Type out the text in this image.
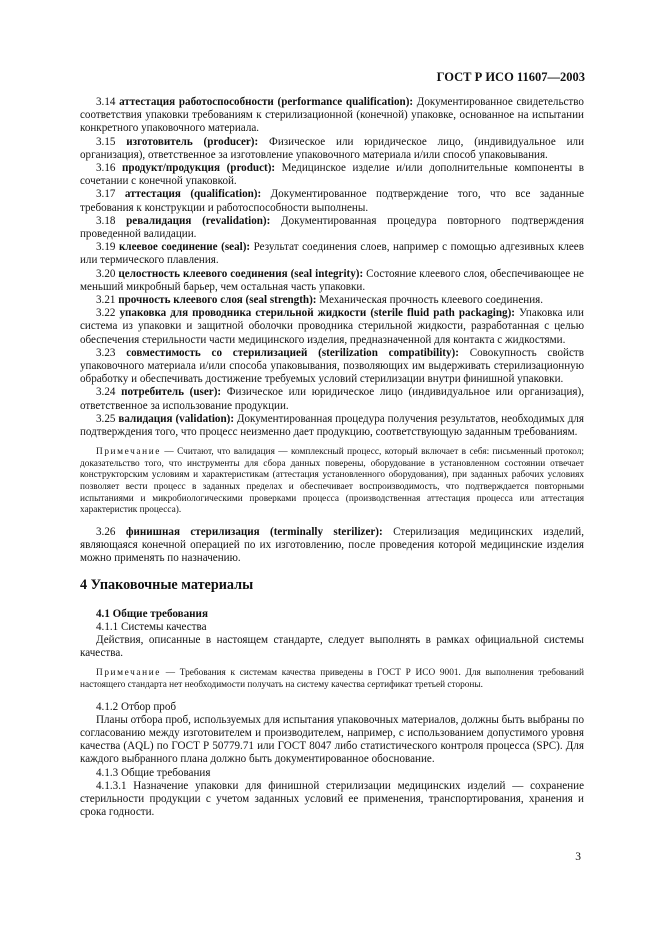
ГОСТ Р ИСО 11607—2003

3.14 аттестация работоспособности (performance qualification): Документированное свидетельство соответствия упаковки требованиям к стерилизационной (конечной) упаковке, основанное на испытании конкретного упаковочного материала.

3.15 изготовитель (producer): Физическое или юридическое лицо, (индивидуальное или организация), ответственное за изготовление упаковочного материала и/или способ упаковывания.

3.16 продукт/продукция (product): Медицинское изделие и/или дополнительные компоненты в сочетании с конечной упаковкой.

3.17 аттестация (qualification): Документированное подтверждение того, что все заданные требования к конструкции и работоспособности выполнены.

3.18 ревалидация (revalidation): Документированная процедура повторного подтверждения проведенной валидации.

3.19 клеевое соединение (seal): Результат соединения слоев, например с помощью адгезивных клеев или термического плавления.

3.20 целостность клеевого соединения (seal integrity): Состояние клеевого слоя, обеспечивающее не меньший микробный барьер, чем остальная часть упаковки.

3.21 прочность клеевого слоя (seal strength): Механическая прочность клеевого соединения.

3.22 упаковка для проводника стерильной жидкости (sterile fluid path packaging): Упаковка или система из упаковки и защитной оболочки проводника стерильной жидкости, разработанная с целью обеспечения стерильности части медицинского изделия, предназначенной для контакта с жидкостями.

3.23 совместимость со стерилизацией (sterilization compatibility): Совокупность свойств упаковочного материала и/или способа упаковывания, позволяющих им выдерживать стерилизационную обработку и обеспечивать достижение требуемых условий стерилизации внутри финишной упаковки.

3.24 потребитель (user): Физическое или юридическое лицо (индивидуальное или организация), ответственное за использование продукции.

3.25 валидация (validation): Документированная процедура получения результатов, необходимых для подтверждения того, что процесс неизменно дает продукцию, соответствующую заданным требованиям.

Примечание — Считают, что валидация — комплексный процесс, который включает в себя: письменный протокол; доказательство того, что инструменты для сбора данных поверены, оборудование в установленном состоянии отвечает конструкторским условиям и характеристикам (аттестация установленного оборудования), при заданных рабочих условиях позволяет вести процесс в заданных пределах и обеспечивает воспроизводимость, что подтверждается повторными испытаниями и микробиологическими проверками процесса (производственная аттестация процесса или аттестация характеристик процесса).

3.26 финишная стерилизация (terminally sterilizer): Стерилизация медицинских изделий, являющаяся конечной операцией по их изготовлению, после проведения которой медицинские изделия можно применять по назначению.

4 Упаковочные материалы

4.1 Общие требования

4.1.1 Системы качества

Действия, описанные в настоящем стандарте, следует выполнять в рамках официальной системы качества.

Примечание — Требования к системам качества приведены в ГОСТ Р ИСО 9001. Для выполнения требований настоящего стандарта нет необходимости получать на систему качества сертификат третьей стороны.

4.1.2 Отбор проб

Планы отбора проб, используемых для испытания упаковочных материалов, должны быть выбраны по согласованию между изготовителем и производителем, например, с использованием допустимого уровня качества (AQL) по ГОСТ Р 50779.71 или ГОСТ 8047 либо статистического контроля процесса (SPC). Для каждого выбранного плана должно быть документированное обоснование.

4.1.3 Общие требования

4.1.3.1 Назначение упаковки для финишной стерилизации медицинских изделий — сохранение стерильности продукции с учетом заданных условий ее применения, транспортирования, хранения и срока годности.

3
